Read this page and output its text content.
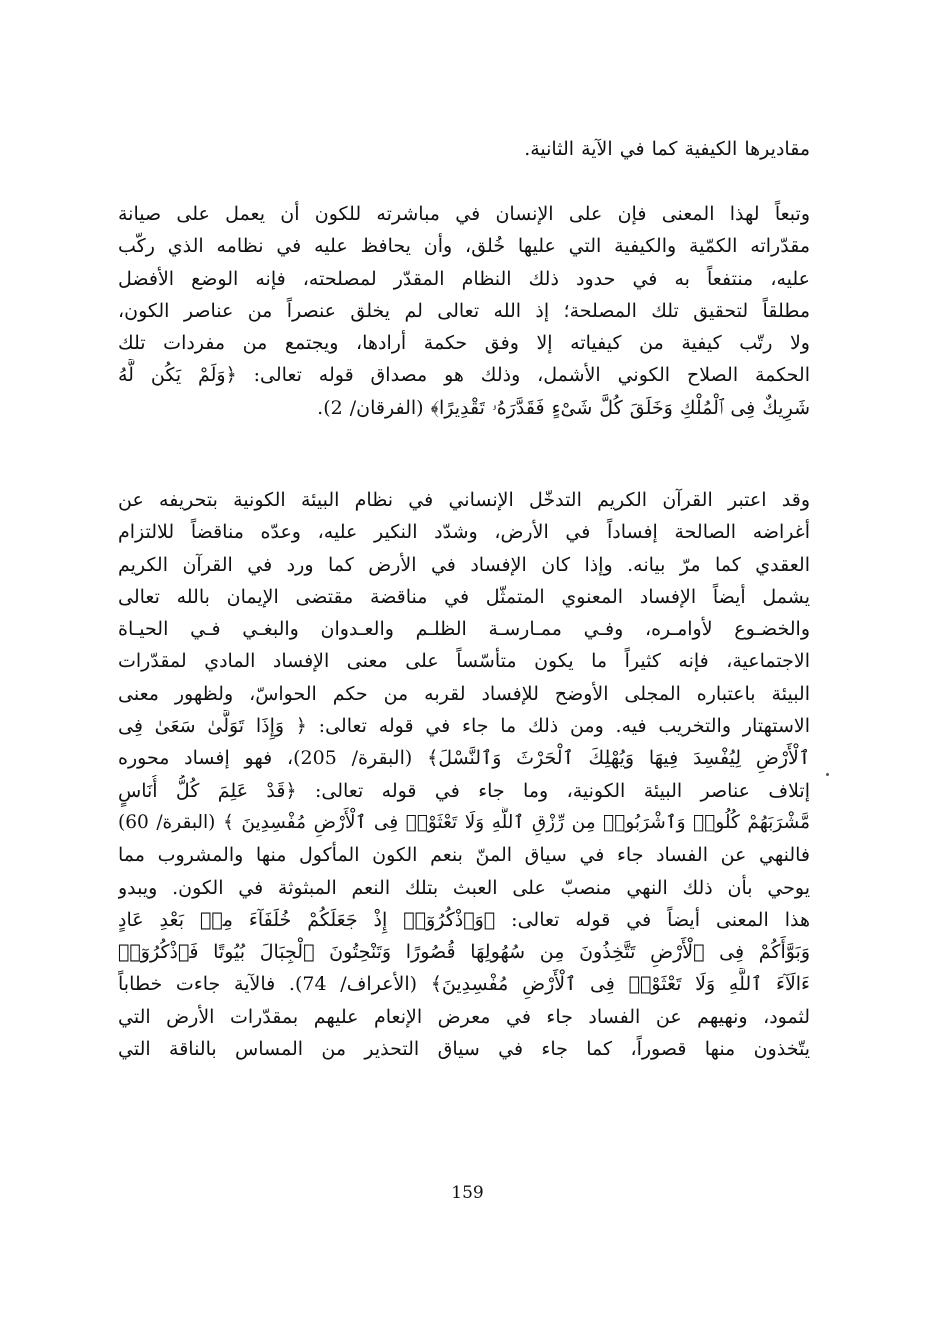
مقاديرها الكيفية كما في الآية الثانية.
وتبعاً لهذا المعنى فإن على الإنسان في مباشرته للكون أن يعمل على صيانة
مقدّراته الكمّية والكيفية التي عليها خُلق، وأن يحافظ عليه في نظامه الذي ركّب
عليه، منتفعاً به في حدود ذلك النظام المقدّر لمصلحته، فإنه الوضع الأفضل
مطلقاً لتحقيق تلك المصلحة؛ إذ الله تعالى لم يخلق عنصراً من عناصر الكون،
ولا رتّب كيفية من كيفياته إلا وفق حكمة أرادها، ويجتمع من مفردات تلك
الحكمة الصلاح الكوني الأشمل، وذلك هو مصداق قوله تعالى: ﴿وَلَمْ يَكُن لَّهُ
شَرِيكٌ فِى ٱلْمُلْكِ وَخَلَقَ كُلَّ شَىْءٍ فَقَدَّرَهُۥ تَقْدِيرًا﴾ (الفرقان/ 2).
وقد اعتبر القرآن الكريم التدخّل الإنساني في نظام البيئة الكونية بتحريفه عن
أغراضه الصالحة إفساداً في الأرض، وشدّد النكير عليه، وعدّه مناقضاً للالتزام
العقدي كما مرّ بيانه. وإذا كان الإفساد في الأرض كما ورد في القرآن الكريم
يشمل أيضاً الإفساد المعنوي المتمثّل في مناقضة مقتضى الإيمان بالله تعالى
والخضـوع لأوامـره، وفـي ممـارسـة الظلـم والعـدوان والبغـي فـي الحيـاة
الاجتماعية، فإنه كثيراً ما يكون متأسّساً على معنى الإفساد المادي لمقدّرات
البيئة باعتباره المجلى الأوضح للإفساد لقربه من حكم الحواسّ، ولظهور معنى
الاستهتار والتخريب فيه. ومن ذلك ما جاء في قوله تعالى: ﴿ وَإِذَا تَوَلَّىٰ سَعَىٰ فِى
ٱلْأَرْضِ لِيُفْسِدَ فِيهَا وَيُهْلِكَ ٱلْحَرْثَ وَٱلنَّسْلَ﴾ (البقرة/ 205)، فهو إفساد محوره
إتلاف عناصر البيئة الكونية، وما جاء في قوله تعالى: ﴿قَدْ عَلِمَ كُلُّ أُنَاسٍ
مَّشْرَبَهُمْ كُلُوا۟ وَٱشْرَبُوا۟ مِن رِّزْقِ ٱللَّهِ وَلَا تَعْثَوْا۟ فِى ٱلْأَرْضِ مُفْسِدِينَ ﴾ (البقرة/ 60)
فالنهي عن الفساد جاء في سياق المنّ بنعم الكون المأكول منها والمشروب مما
يوحي بأن ذلك النهي منصبّ على العبث بتلك النعم المبثوثة في الكون. ويبدو
هذا المعنى أيضاً في قوله تعالى: ﴿وَٱذْكُرُوٓا۟ إِذْ جَعَلَكُمْ خُلَفَآءَ مِنۢ بَعْدِ عَادٍ
وَبَوَّأَكُمْ فِى ٱلْأَرْضِ تَتَّخِذُونَ مِن سُهُولِهَا قُصُورًا وَتَنْحِتُونَ ٱلْجِبَالَ بُيُوتًا فَٱذْكُرُوٓا۟
ءَالَآءَ ٱللَّهِ وَلَا تَعْثَوْا۟ فِى ٱلْأَرْضِ مُفْسِدِينَ﴾ (الأعراف/ 74). فالآية جاءت خطاباً
لثمود، ونهيهم عن الفساد جاء في معرض الإنعام عليهم بمقدّرات الأرض التي
يتّخذون منها قصوراً، كما جاء في سياق التحذير من المساس بالناقة التي
159
